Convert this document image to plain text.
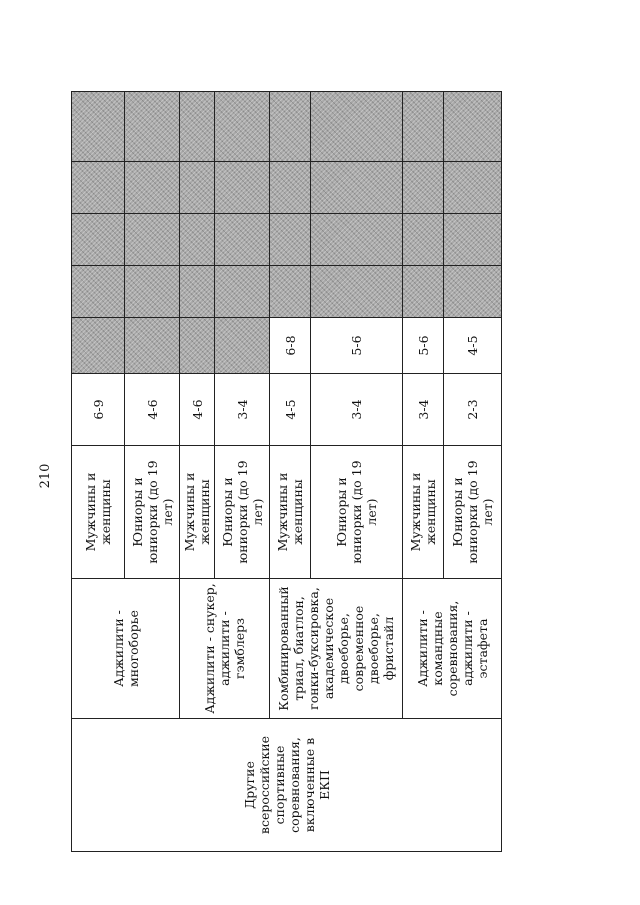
210
Другие всероссийские спортивные соревнования, включенные в ЕКП	Аджилити - многоборье	Мужчины и женщины	6-9					
		Юниоры и юниорки (до 19 лет)	4-6					
	Аджилити - снукер, аджилити - гэмблерз	Мужчины и женщины	4-6					
		Юниоры и юниорки (до 19 лет)	3-4					
	Комбинированный триал, биатлон, гонки-буксировка, академическое двоеборье, современное двоеборье, фристайл	Мужчины и женщины	4-5	6-8				
		Юниоры и юниорки (до 19 лет)	3-4	5-6				
	Аджилити - командные соревнования, аджилити - эстафета	Мужчины и женщины	3-4	5-6				
		Юниоры и юниорки (до 19 лет)	2-3	4-5				
